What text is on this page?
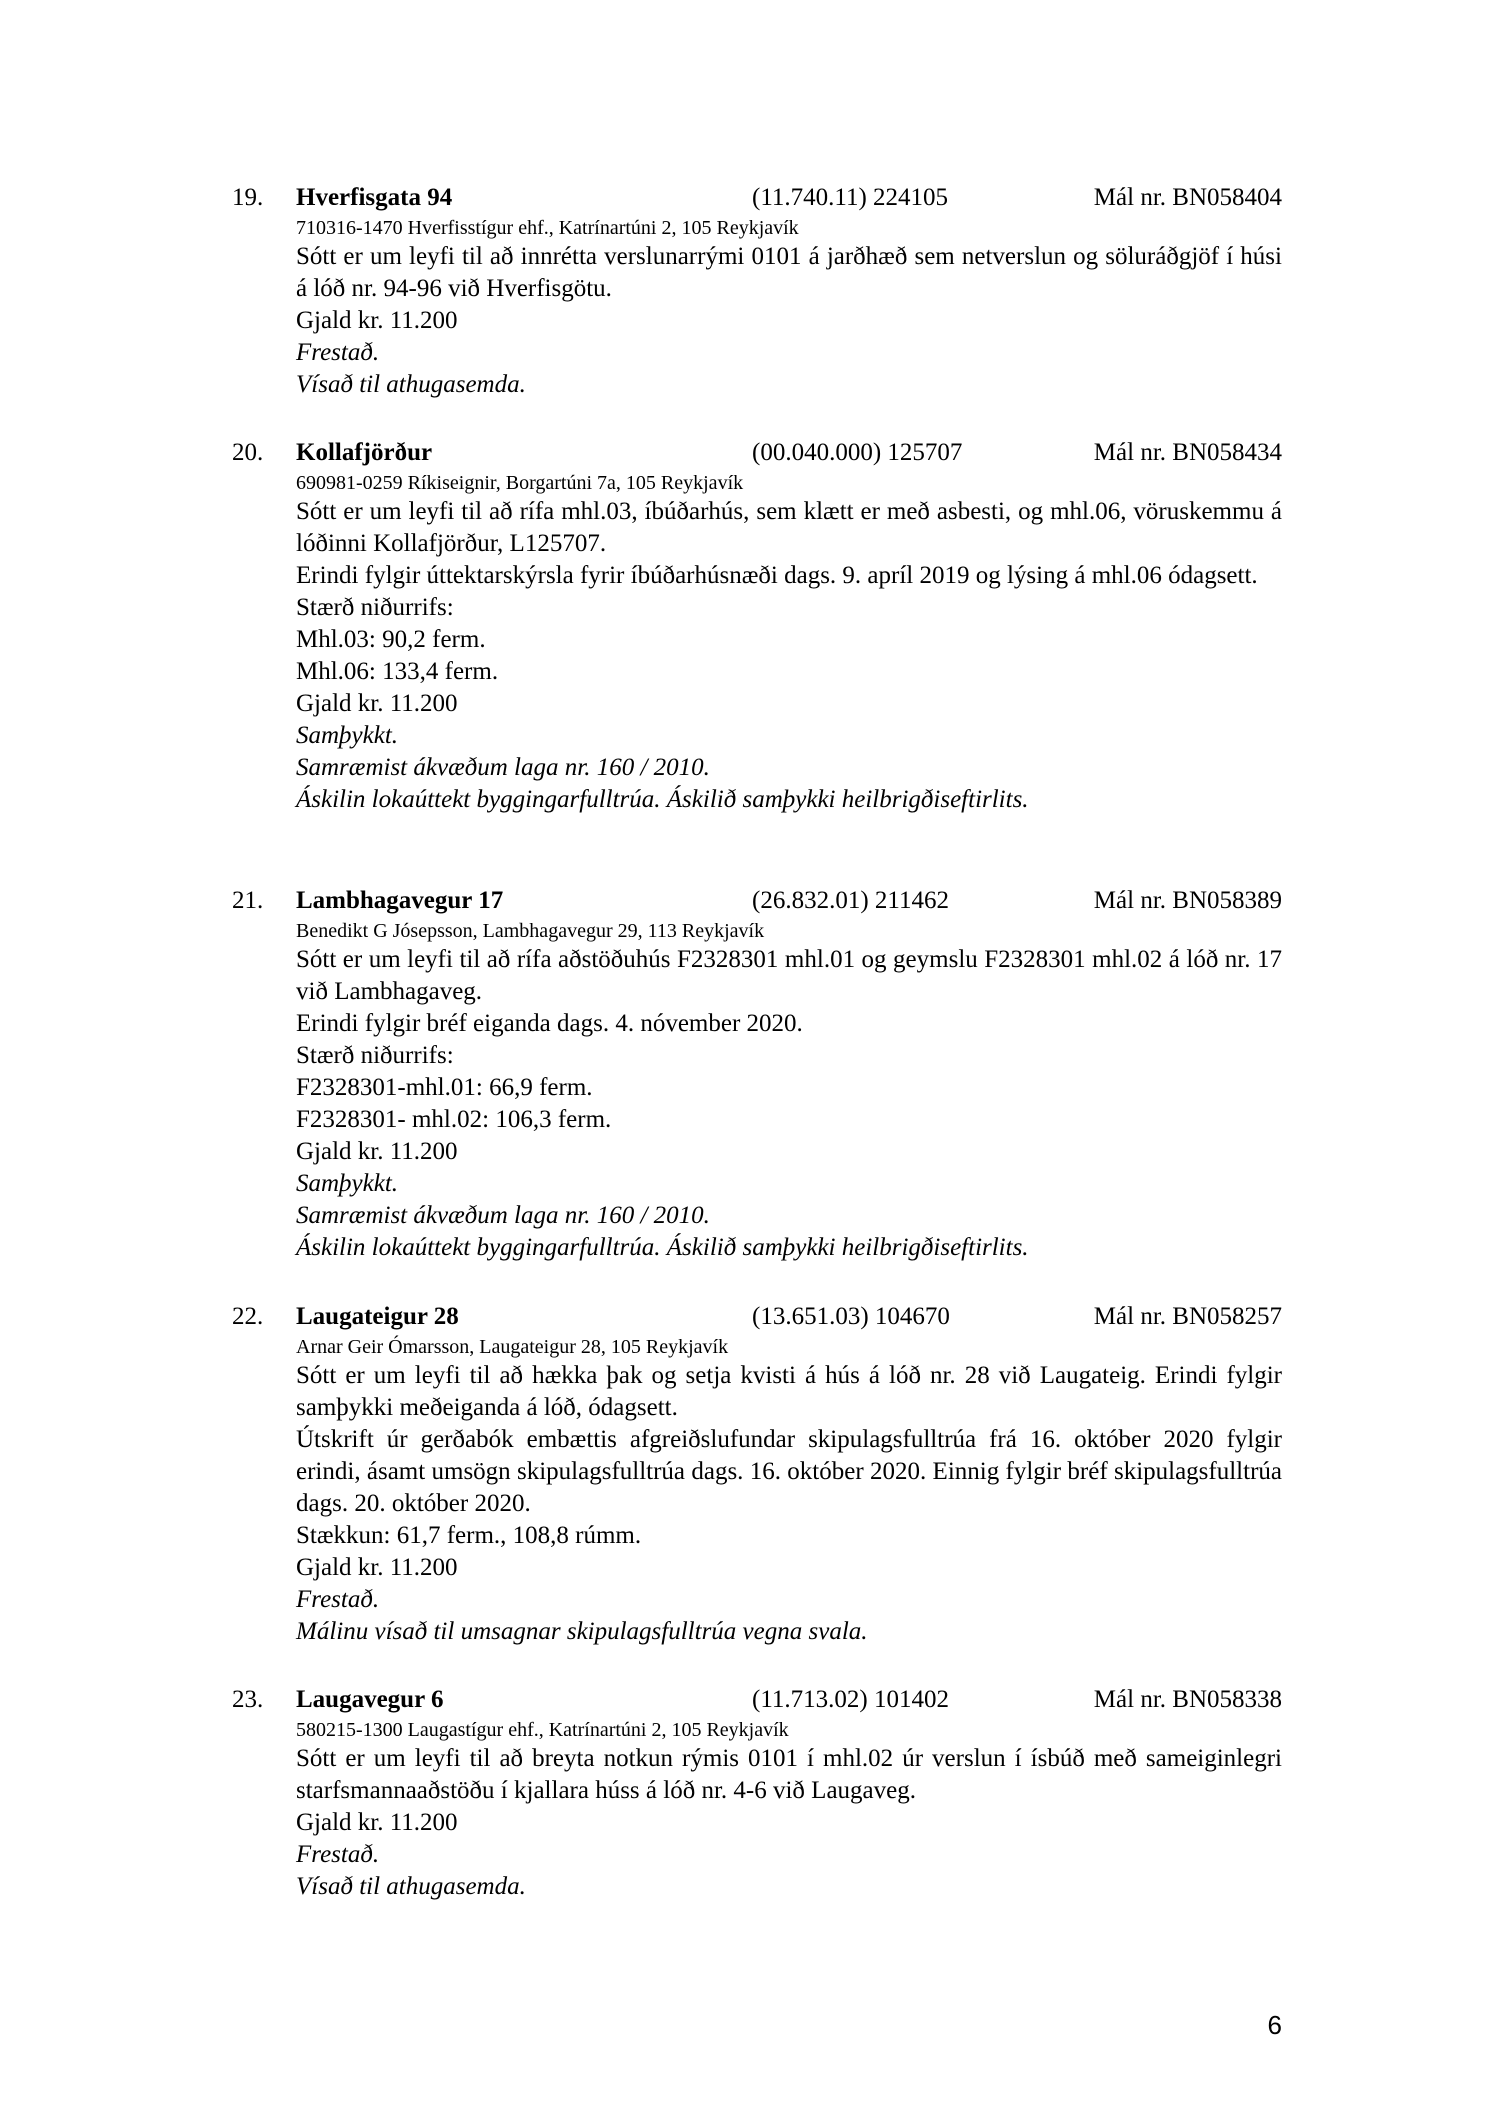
19. Hverfisgata 94	(11.740.11) 224105	Mál nr. BN058404
710316-1470 Hverfisstígur ehf., Katrínartúni 2, 105 Reykjavík
Sótt er um leyfi til að innrétta verslunarrými 0101 á jarðhæð sem netverslun og söluráðgjöf í húsi á lóð nr. 94-96 við Hverfisgötu.
Gjald kr. 11.200
Frestað.
Vísað til athugasemda.
20. Kollafjörður	(00.040.000) 125707	Mál nr. BN058434
690981-0259 Ríkiseignir, Borgartúni 7a, 105 Reykjavík
Sótt er um leyfi til að rífa mhl.03, íbúðarhús, sem klætt er með asbesti, og mhl.06, vöruskemmu á lóðinni Kollafjörður, L125707.
Erindi fylgir úttektarskýrsla fyrir íbúðarhúsnæði dags. 9. apríl 2019 og lýsing á mhl.06 ódagsett.
Stærð niðurrifs:
Mhl.03: 90,2 ferm.
Mhl.06: 133,4 ferm.
Gjald kr. 11.200
Samþykkt.
Samræmist ákvæðum laga nr. 160 / 2010.
Áskilin lokaúttekt byggingarfulltrúa. Áskilið samþykki heilbrigðiseftirlits.
21. Lambhagavegur 17	(26.832.01) 211462	Mál nr. BN058389
Benedikt G Jósepsson, Lambhagavegur 29, 113 Reykjavík
Sótt er um leyfi til að rífa aðstöðuhús F2328301 mhl.01 og geymslu F2328301 mhl.02 á lóð nr. 17 við Lambhagaveg.
Erindi fylgir bréf eiganda dags. 4. nóvember 2020.
Stærð niðurrifs:
F2328301-mhl.01: 66,9 ferm.
F2328301- mhl.02: 106,3 ferm.
Gjald kr. 11.200
Samþykkt.
Samræmist ákvæðum laga nr. 160 / 2010.
Áskilin lokaúttekt byggingarfulltrúa. Áskilið samþykki heilbrigðiseftirlits.
22. Laugateigur 28	(13.651.03) 104670	Mál nr. BN058257
Arnar Geir Ómarsson, Laugateigur 28, 105 Reykjavík
Sótt er um leyfi til að hækka þak og setja kvisti á hús á lóð nr. 28 við Laugateig. Erindi fylgir samþykki meðeiganda á lóð, ódagsett.
Útskrift úr gerðabók embættis afgreiðslufundar skipulagsfulltrúa frá 16. október 2020 fylgir erindi, ásamt umsögn skipulagsfulltrúa dags. 16. október 2020. Einnig fylgir bréf skipulagsfulltrúa dags. 20. október 2020.
Stækkun: 61,7 ferm., 108,8 rúmm.
Gjald kr. 11.200
Frestað.
Málinu vísað til umsagnar skipulagsfulltrúa vegna svala.
23. Laugavegur 6	(11.713.02) 101402	Mál nr. BN058338
580215-1300 Laugastígur ehf., Katrínartúni 2, 105 Reykjavík
Sótt er um leyfi til að breyta notkun rýmis 0101 í mhl.02 úr verslun í ísbúð með sameiginlegri starfsmannaaðstöðu í kjallara húss á lóð nr. 4-6 við Laugaveg.
Gjald kr. 11.200
Frestað.
Vísað til athugasemda.
6
